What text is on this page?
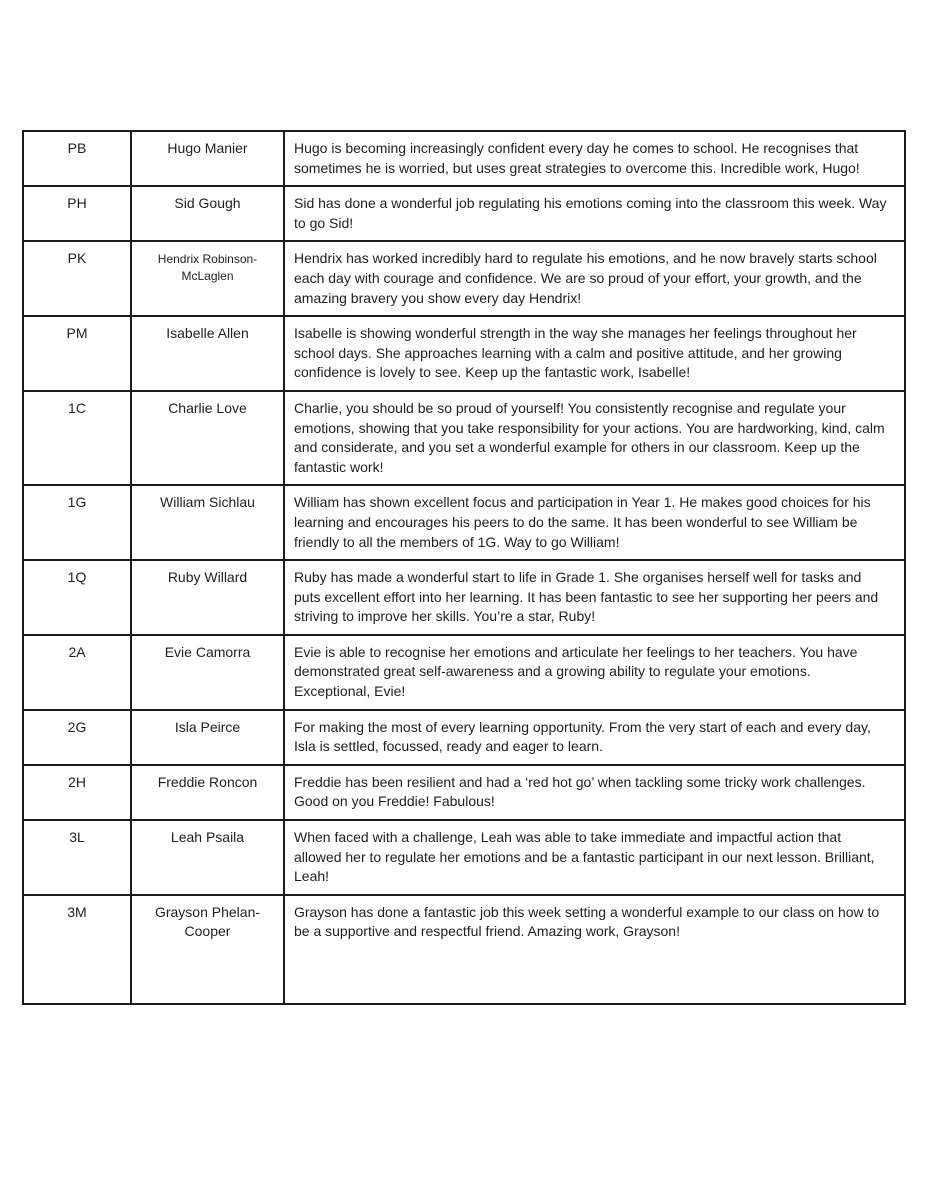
PB	Hugo Manier	Hugo is becoming increasingly confident every day he comes to school. He recognises that sometimes he is worried, but uses great strategies to overcome this. Incredible work, Hugo!
PH	Sid Gough	Sid has done a wonderful job regulating his emotions coming into the classroom this week. Way to go Sid!
PK	Hendrix Robinson-McLaglen	Hendrix has worked incredibly hard to regulate his emotions, and he now bravely starts school each day with courage and confidence. We are so proud of your effort, your growth, and the amazing bravery you show every day Hendrix!
PM	Isabelle Allen	Isabelle is showing wonderful strength in the way she manages her feelings throughout her school days. She approaches learning with a calm and positive attitude, and her growing confidence is lovely to see. Keep up the fantastic work, Isabelle!
1C	Charlie Love	Charlie, you should be so proud of yourself! You consistently recognise and regulate your emotions, showing that you take responsibility for your actions. You are hardworking, kind, calm and considerate, and you set a wonderful example for others in our classroom. Keep up the fantastic work!
1G	William Sichlau	William has shown excellent focus and participation in Year 1. He makes good choices for his learning and encourages his peers to do the same. It has been wonderful to see William be friendly to all the members of 1G. Way to go William!
1Q	Ruby Willard	Ruby has made a wonderful start to life in Grade 1. She organises herself well for tasks and puts excellent effort into her learning. It has been fantastic to see her supporting her peers and striving to improve her skills. You’re a star, Ruby!
2A	Evie Camorra	Evie is able to recognise her emotions and articulate her feelings to her teachers. You have demonstrated great self-awareness and a growing ability to regulate your emotions. Exceptional, Evie!
2G	Isla Peirce	For making the most of every learning opportunity. From the very start of each and every day, Isla is settled, focussed, ready and eager to learn.
2H	Freddie Roncon	Freddie has been resilient and had a ‘red hot go’ when tackling some tricky work challenges. Good on you Freddie! Fabulous!
3L	Leah Psaila	When faced with a challenge, Leah was able to take immediate and impactful action that allowed her to regulate her emotions and be a fantastic participant in our next lesson. Brilliant, Leah!
3M	Grayson Phelan-Cooper	Grayson has done a fantastic job this week setting a wonderful example to our class on how to be a supportive and respectful friend. Amazing work, Grayson!
